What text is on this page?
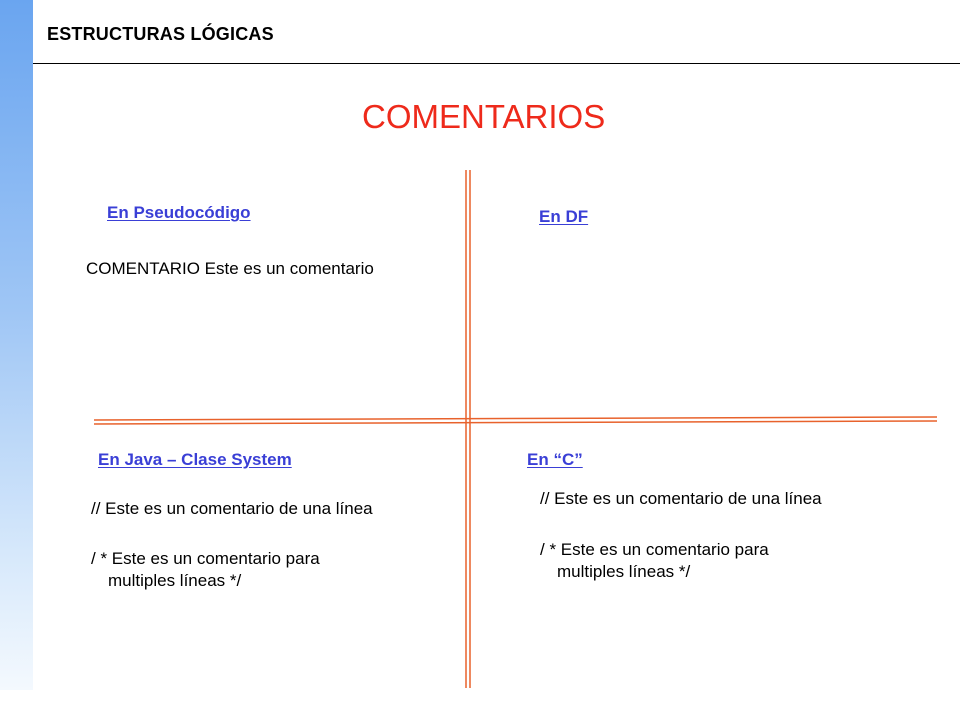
ESTRUCTURAS LÓGICAS
COMENTARIOS
En Pseudocódigo
COMENTARIO Este es un comentario
En DF
En Java – Clase System
// Este es un comentario de una línea
/ * Este es un comentario para
multiples líneas */
En “C”
// Este es un comentario de una línea
/ * Este es un comentario para
multiples líneas */
